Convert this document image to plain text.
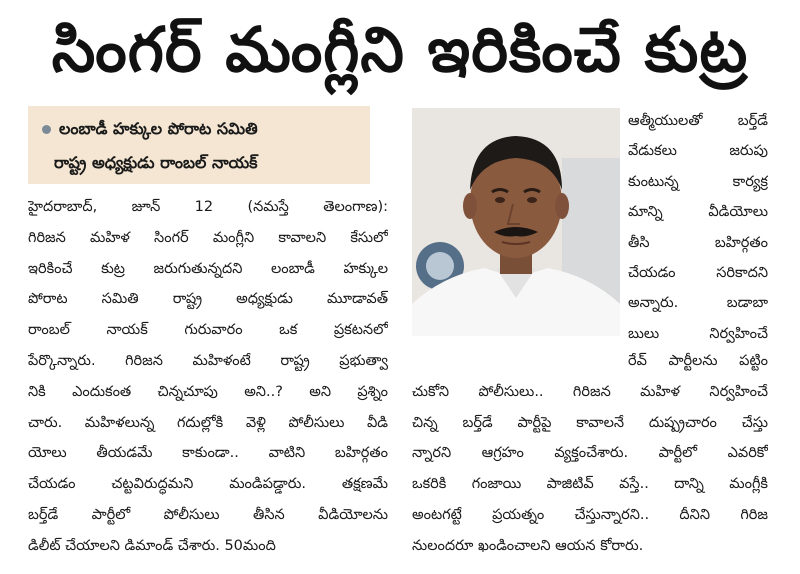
సింగర్ మంగ్లీని ఇరికించే కుట్ర
లంబాడీ హక్కుల పోరాట సమితి
రాష్ట్ర అధ్యక్షుడు రాంబల్ నాయక్
హైదరాబాద్, జూన్ 12 (నమస్తే తెలంగాణ):
గిరిజన మహిళ సింగర్ మంగ్లీని కావాలని కేసులో
ఇరికించే కుట్ర జరుగుతున్నదని లంబాడీ హక్కుల
పోరాట సమితి రాష్ట్ర అధ్యక్షుడు మూడావత్
రాంబల్ నాయక్ గురువారం ఒక ప్రకటనలో
పేర్కొన్నారు. గిరిజన మహిళంటే రాష్ట్ర ప్రభుత్వా
నికి ఎందుకంత చిన్నచూపు అని..? అని ప్రశ్నిం
చారు. మహిళలున్న గదుల్లోకి వెళ్లి పోలీసులు వీడి
యోలు తీయడమే కాకుండా.. వాటిని బహిర్గతం
చేయడం చట్టవిరుద్ధమని మండిపడ్డారు. తక్షణమే
బర్త్‌డే పార్టీలో పోలీసులు తీసిన వీడియోలను
డిలీట్ చేయాలని డిమాండ్ చేశారు. 50మంది
ఆత్మీయులతో బర్త్‌డే
వేడుకలు జరుపు
కుంటున్న కార్యక్ర
మాన్ని వీడియోలు
తీసి బహిర్గతం
చేయడం సరికాదని
అన్నారు. బడాబా
బులు నిర్వహించే
రేవ్ పార్టీలను పట్టిం
చుకోని పోలీసులు.. గిరిజన మహిళ నిర్వహించే
చిన్న బర్త్‌డే పార్టీపై కావాలనే దుష్ప్రచారం చేస్తు
న్నారని ఆగ్రహం వ్యక్తంచేశారు. పార్టీలో ఎవరికో
ఒకరికి గంజాయి పాజిటివ్ వస్తే.. దాన్ని మంగ్లీకి
అంటగట్టే ప్రయత్నం చేస్తున్నారని.. దీనిని గిరిజ
నులందరూ ఖండించాలని ఆయన కోరారు.
